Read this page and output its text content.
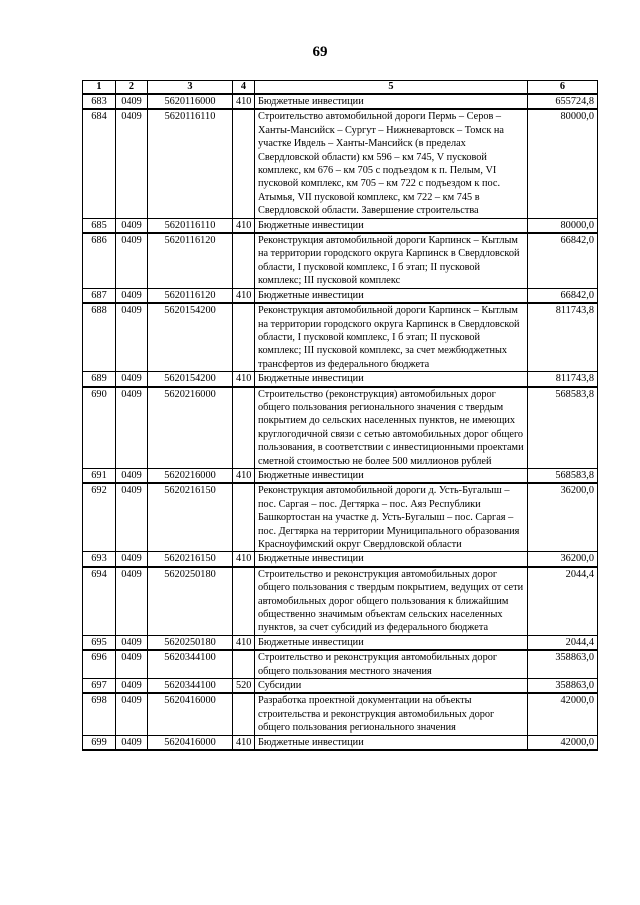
69
1	2	3	4	5	6
683	0409	5620116000	410	Бюджетные инвестиции	655724,8
684	0409	5620116110		Строительство автомобильной дороги Пермь – Серов – Ханты-Мансийск – Сургут – Нижневартовск – Томск на участке Ивдель – Ханты-Мансийск (в пределах Свердловской области) км 596 – км 745, V пусковой комплекс, км 676 – км 705 с подъездом к п. Пелым, VI пусковой комплекс, км 705 – км 722 с подъездом к пос. Атымья, VII пусковой комплекс, км 722 – км 745 в Свердловской области. Завершение строительства	80000,0
685	0409	5620116110	410	Бюджетные инвестиции	80000,0
686	0409	5620116120		Реконструкция автомобильной дороги Карпинск – Кытлым на территории городского округа Карпинск в Свердловской области, I пусковой комплекс, I б этап; II пусковой комплекс; III пусковой комплекс	66842,0
687	0409	5620116120	410	Бюджетные инвестиции	66842,0
688	0409	5620154200		Реконструкция автомобильной дороги Карпинск – Кытлым на территории городского округа Карпинск в Свердловской области, I пусковой комплекс, I б этап; II пусковой комплекс; III пусковой комплекс, за счет межбюджетных трансфертов из федерального бюджета	811743,8
689	0409	5620154200	410	Бюджетные инвестиции	811743,8
690	0409	5620216000		Строительство (реконструкция) автомобильных дорог общего пользования регионального значения с твердым покрытием до сельских населенных пунктов, не имеющих круглогодичной связи с сетью автомобильных дорог общего пользования, в соответствии с инвестиционными проектами сметной стоимостью не более 500 миллионов рублей	568583,8
691	0409	5620216000	410	Бюджетные инвестиции	568583,8
692	0409	5620216150		Реконструкция автомобильной дороги д. Усть-Бугалыш – пос. Саргая – пос. Дегтярка – пос. Аяз Республики Башкортостан на участке д. Усть-Бугалыш – пос. Саргая – пос. Дегтярка на территории Муниципального образования Красноуфимский округ Свердловской области	36200,0
693	0409	5620216150	410	Бюджетные инвестиции	36200,0
694	0409	5620250180		Строительство и реконструкция автомобильных дорог общего пользования с твердым покрытием, ведущих от сети автомобильных дорог общего пользования к ближайшим общественно значимым объектам сельских населенных пунктов, за счет субсидий из федерального бюджета	2044,4
695	0409	5620250180	410	Бюджетные инвестиции	2044,4
696	0409	5620344100		Строительство и реконструкция автомобильных дорог общего пользования местного значения	358863,0
697	0409	5620344100	520	Субсидии	358863,0
698	0409	5620416000		Разработка проектной документации на объекты строительства и реконструкция автомобильных дорог общего пользования регионального значения	42000,0
699	0409	5620416000	410	Бюджетные инвестиции	42000,0
